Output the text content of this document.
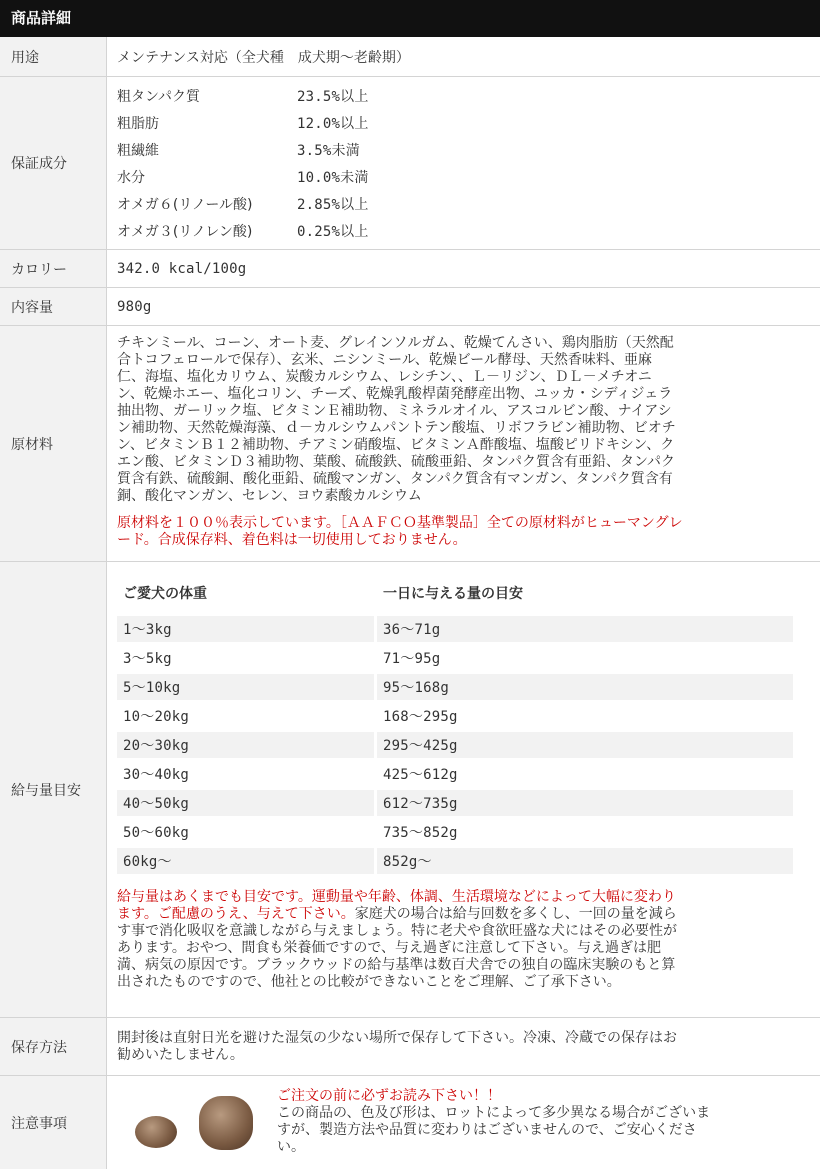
商品詳細
用途	メンテナンス対応（全犬種　成犬期～老齢期）
保証成分
粗タンパク質	23.5%以上
粗脂肪	12.0%以上
粗繊維	3.5%未満
水分	10.0%未満
オメガ６(リノール酸)	2.85%以上
オメガ３(リノレン酸)	0.25%以上
カロリー	342.0 kcal/100g
内容量	980g
原材料
チキンミール、コーン、オート麦、グレインソルガム、乾燥てんさい、鶏肉脂肪（天然配
合トコフェロールで保存）、玄米、ニシンミール、乾燥ビール酵母、天然香味料、亜麻
仁、海塩、塩化カリウム、炭酸カルシウム、レシチン、、Ｌ－リジン、ＤＬ－メチオニ
ン、乾燥ホエー、塩化コリン、チーズ、乾燥乳酸桿菌発酵産出物、ユッカ・シディジェラ
抽出物、ガーリック塩、ビタミンＥ補助物、ミネラルオイル、アスコルビン酸、ナイアシ
ン補助物、天然乾燥海藻、ｄ－カルシウムパントテン酸塩、リボフラビン補助物、ビオチ
ン、ビタミンＢ１２補助物、チアミン硝酸塩、ビタミンＡ酢酸塩、塩酸ピリドキシン、ク
エン酸、ビタミンＤ３補助物、葉酸、硫酸鉄、硫酸亜鉛、タンパク質含有亜鉛、タンパク
質含有鉄、硫酸銅、酸化亜鉛、硫酸マンガン、タンパク質含有マンガン、タンパク質含有
銅、酸化マンガン、セレン、ヨウ素酸カルシウム
原材料を１００％表示しています。［ＡＡＦＣＯ基準製品］全ての原材料がヒューマングレ
ード。合成保存料、着色料は一切使用しておりません。
給与量目安
ご愛犬の体重	一日に与える量の目安
1～3kg	36～71g
3～5kg	71～95g
5～10kg	95～168g
10～20kg	168～295g
20～30kg	295～425g
30～40kg	425～612g
40～50kg	612～735g
50～60kg	735～852g
60kg～	852g～
給与量はあくまでも目安です。運動量や年齢、体調、生活環境などによって大幅に変わり
ます。ご配慮のうえ、与えて下さい。家庭犬の場合は給与回数を多くし、一回の量を減ら
す事で消化吸収を意識しながら与えましょう。特に老犬や食欲旺盛な犬にはその必要性が
あります。おやつ、間食も栄養価ですので、与え過ぎに注意して下さい。与え過ぎは肥
満、病気の原因です。ブラックウッドの給与基準は数百犬舎での独自の臨床実験のもと算
出されたものですので、他社との比較ができないことをご理解、ご了承下さい。
保存方法
開封後は直射日光を避けた湿気の少ない場所で保存して下さい。冷凍、冷蔵での保存はお
勧めいたしません。
注意事項
ご注文の前に必ずお読み下さい！！
この商品の、色及び形は、ロットによって多少異なる場合がございま
すが、製造方法や品質に変わりはございませんので、ご安心くださ
い。
